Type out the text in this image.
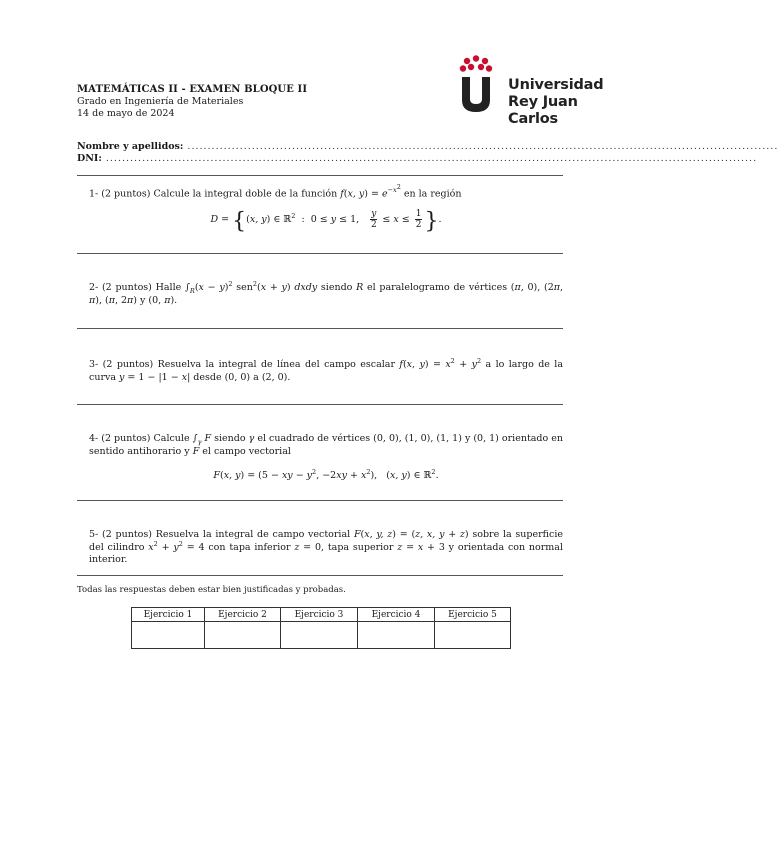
MATEMÁTICAS II - EXAMEN BLOQUE II
Grado en Ingeniería de Materiales
14 de mayo de 2024
Universidad
Rey Juan Carlos
Nombre y apellidos: ...................................................................................................................................................
DNI: ..................................................................................................................................................................
1- (2 puntos) Calcule la integral doble de la función f(x, $y) = e^{-x^2}$ en la región
D = {(x, y) ∈ ℝ$^2$  :  0 ≤ y ≤ 1, $\frac{y}{2} \le x \le \frac{1}{2}$ }.
2- (2 puntos) Halle $\int_R(x - y)^2$ sen$^2$(x + y) dxdy siendo R el paralelogramo de vértices (π, 0), (2π, π), (π, 2π) y (0, π).
3- (2 puntos) Resuelva la integral de línea del campo escalar f(x, $y) = x^2 + y^2$ a lo largo de la curva y = 1 − |1 − x| desde (0, 0) a (2, 0).
4- (2 puntos) Calcule $\int_\gamma$ F siendo γ el cuadrado de vértices (0, 0), (1, 0), (1, 1) y (0, 1) orientado en sentido antihorario y F el campo vectorial
F(x, y) = (5 − xy − $y^2$, $-2xy + x^2$),   (x, y) ∈ ℝ$^2$.
5- (2 puntos) Resuelva la integral de campo vectorial F(x, y, z) = (z, x, y + z) sobre la superficie del cilindro $x^2 + y^2 = 4$ con tapa inferior z = 0, tapa superior z = x + 3 y orientada con normal interior.
Todas las respuestas deben estar bien justificadas y probadas.
Ejercicio 1	Ejercicio 2	Ejercicio 3	Ejercicio 4	Ejercicio 5
